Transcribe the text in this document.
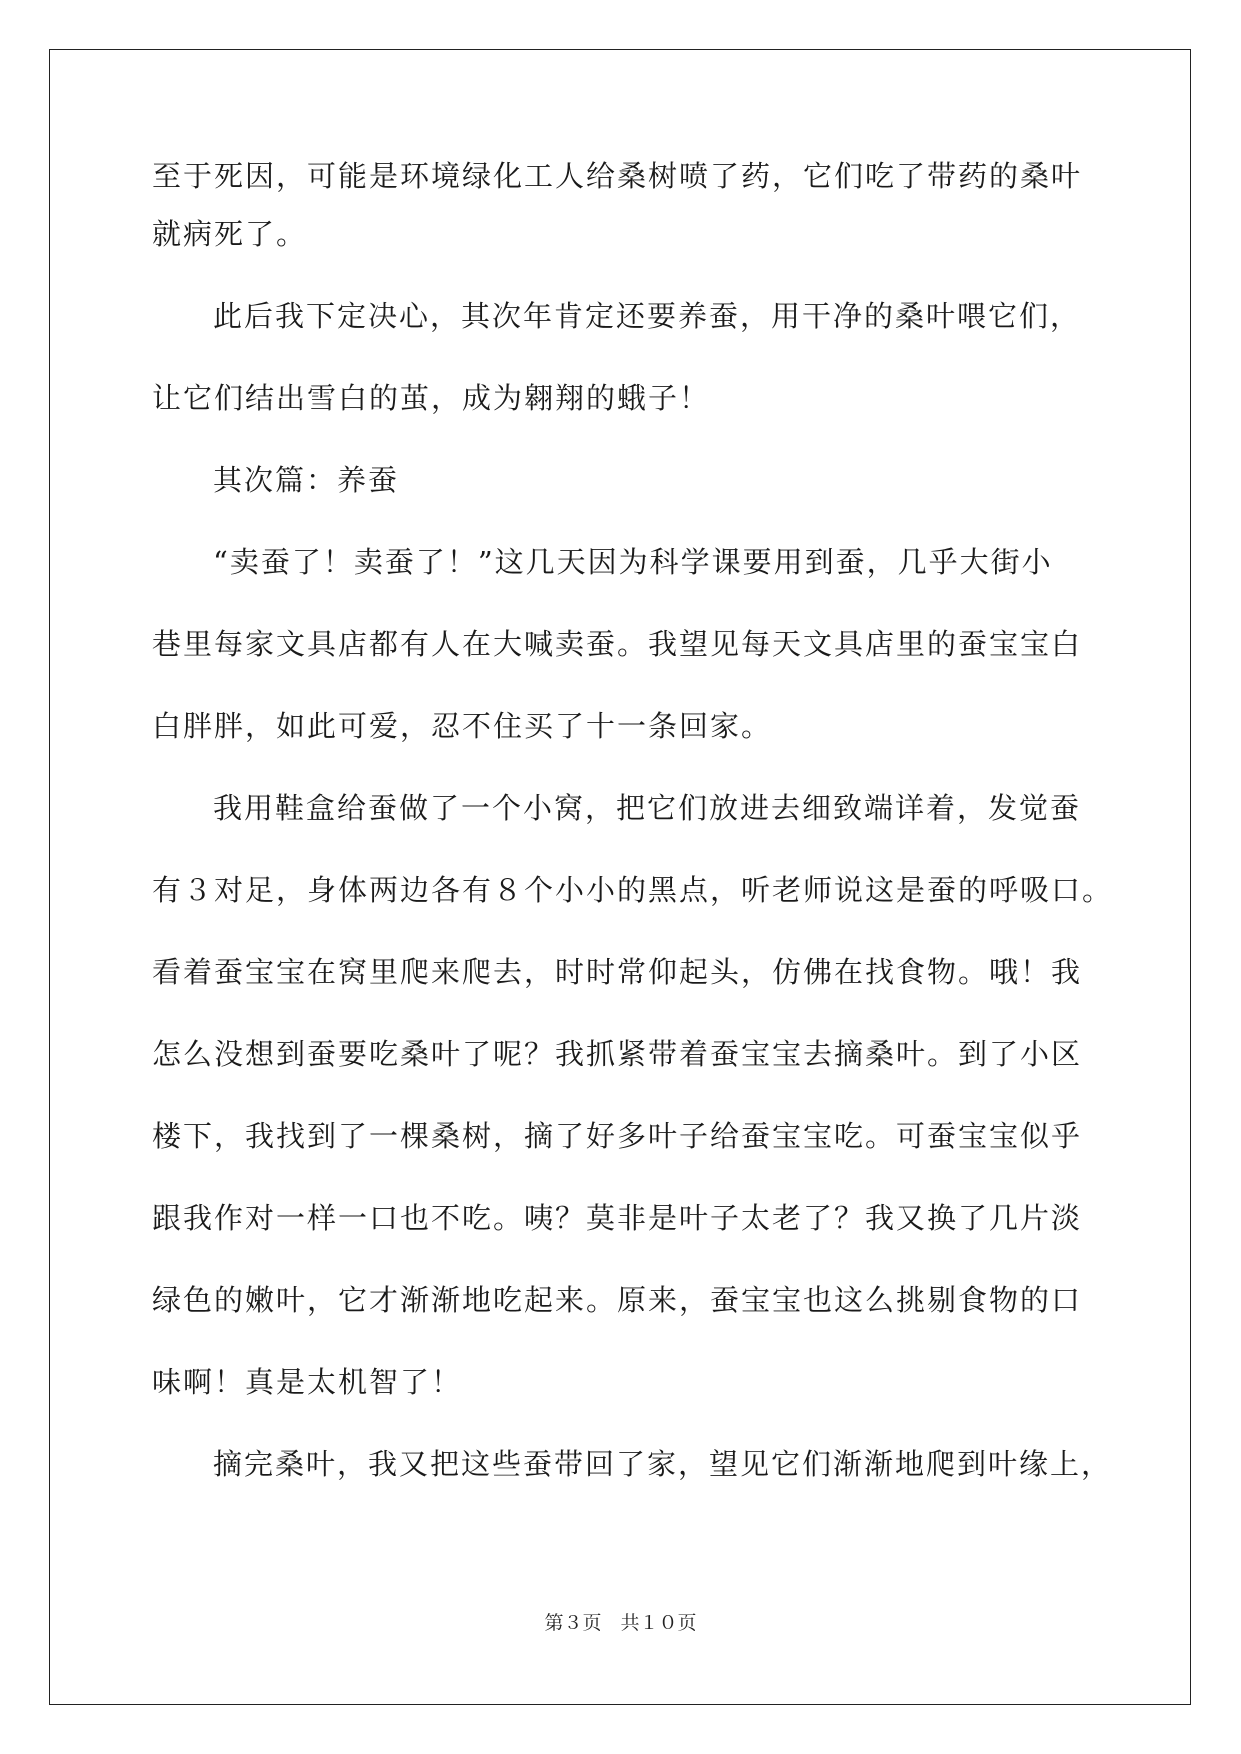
至于死因，可能是环境绿化工人给桑树喷了药，它们吃了带药的桑叶
就病死了。
此后我下定决心，其次年肯定还要养蚕，用干净的桑叶喂它们，
让它们结出雪白的茧，成为翱翔的蛾子！
其次篇：养蚕
“卖蚕了！卖蚕了！”这几天因为科学课要用到蚕，几乎大街小
巷里每家文具店都有人在大喊卖蚕。我望见每天文具店里的蚕宝宝白
白胖胖，如此可爱，忍不住买了十一条回家。
我用鞋盒给蚕做了一个小窝，把它们放进去细致端详着，发觉蚕
有３对足，身体两边各有８个小小的黑点，听老师说这是蚕的呼吸口。
看着蚕宝宝在窝里爬来爬去，时时常仰起头，仿佛在找食物。哦！我
怎么没想到蚕要吃桑叶了呢？我抓紧带着蚕宝宝去摘桑叶。到了小区
楼下，我找到了一棵桑树，摘了好多叶子给蚕宝宝吃。可蚕宝宝似乎
跟我作对一样一口也不吃。咦？莫非是叶子太老了？我又换了几片淡
绿色的嫩叶，它才渐渐地吃起来。原来，蚕宝宝也这么挑剔食物的口
味啊！真是太机智了！
摘完桑叶，我又把这些蚕带回了家，望见它们渐渐地爬到叶缘上，
第３页　共１０页
